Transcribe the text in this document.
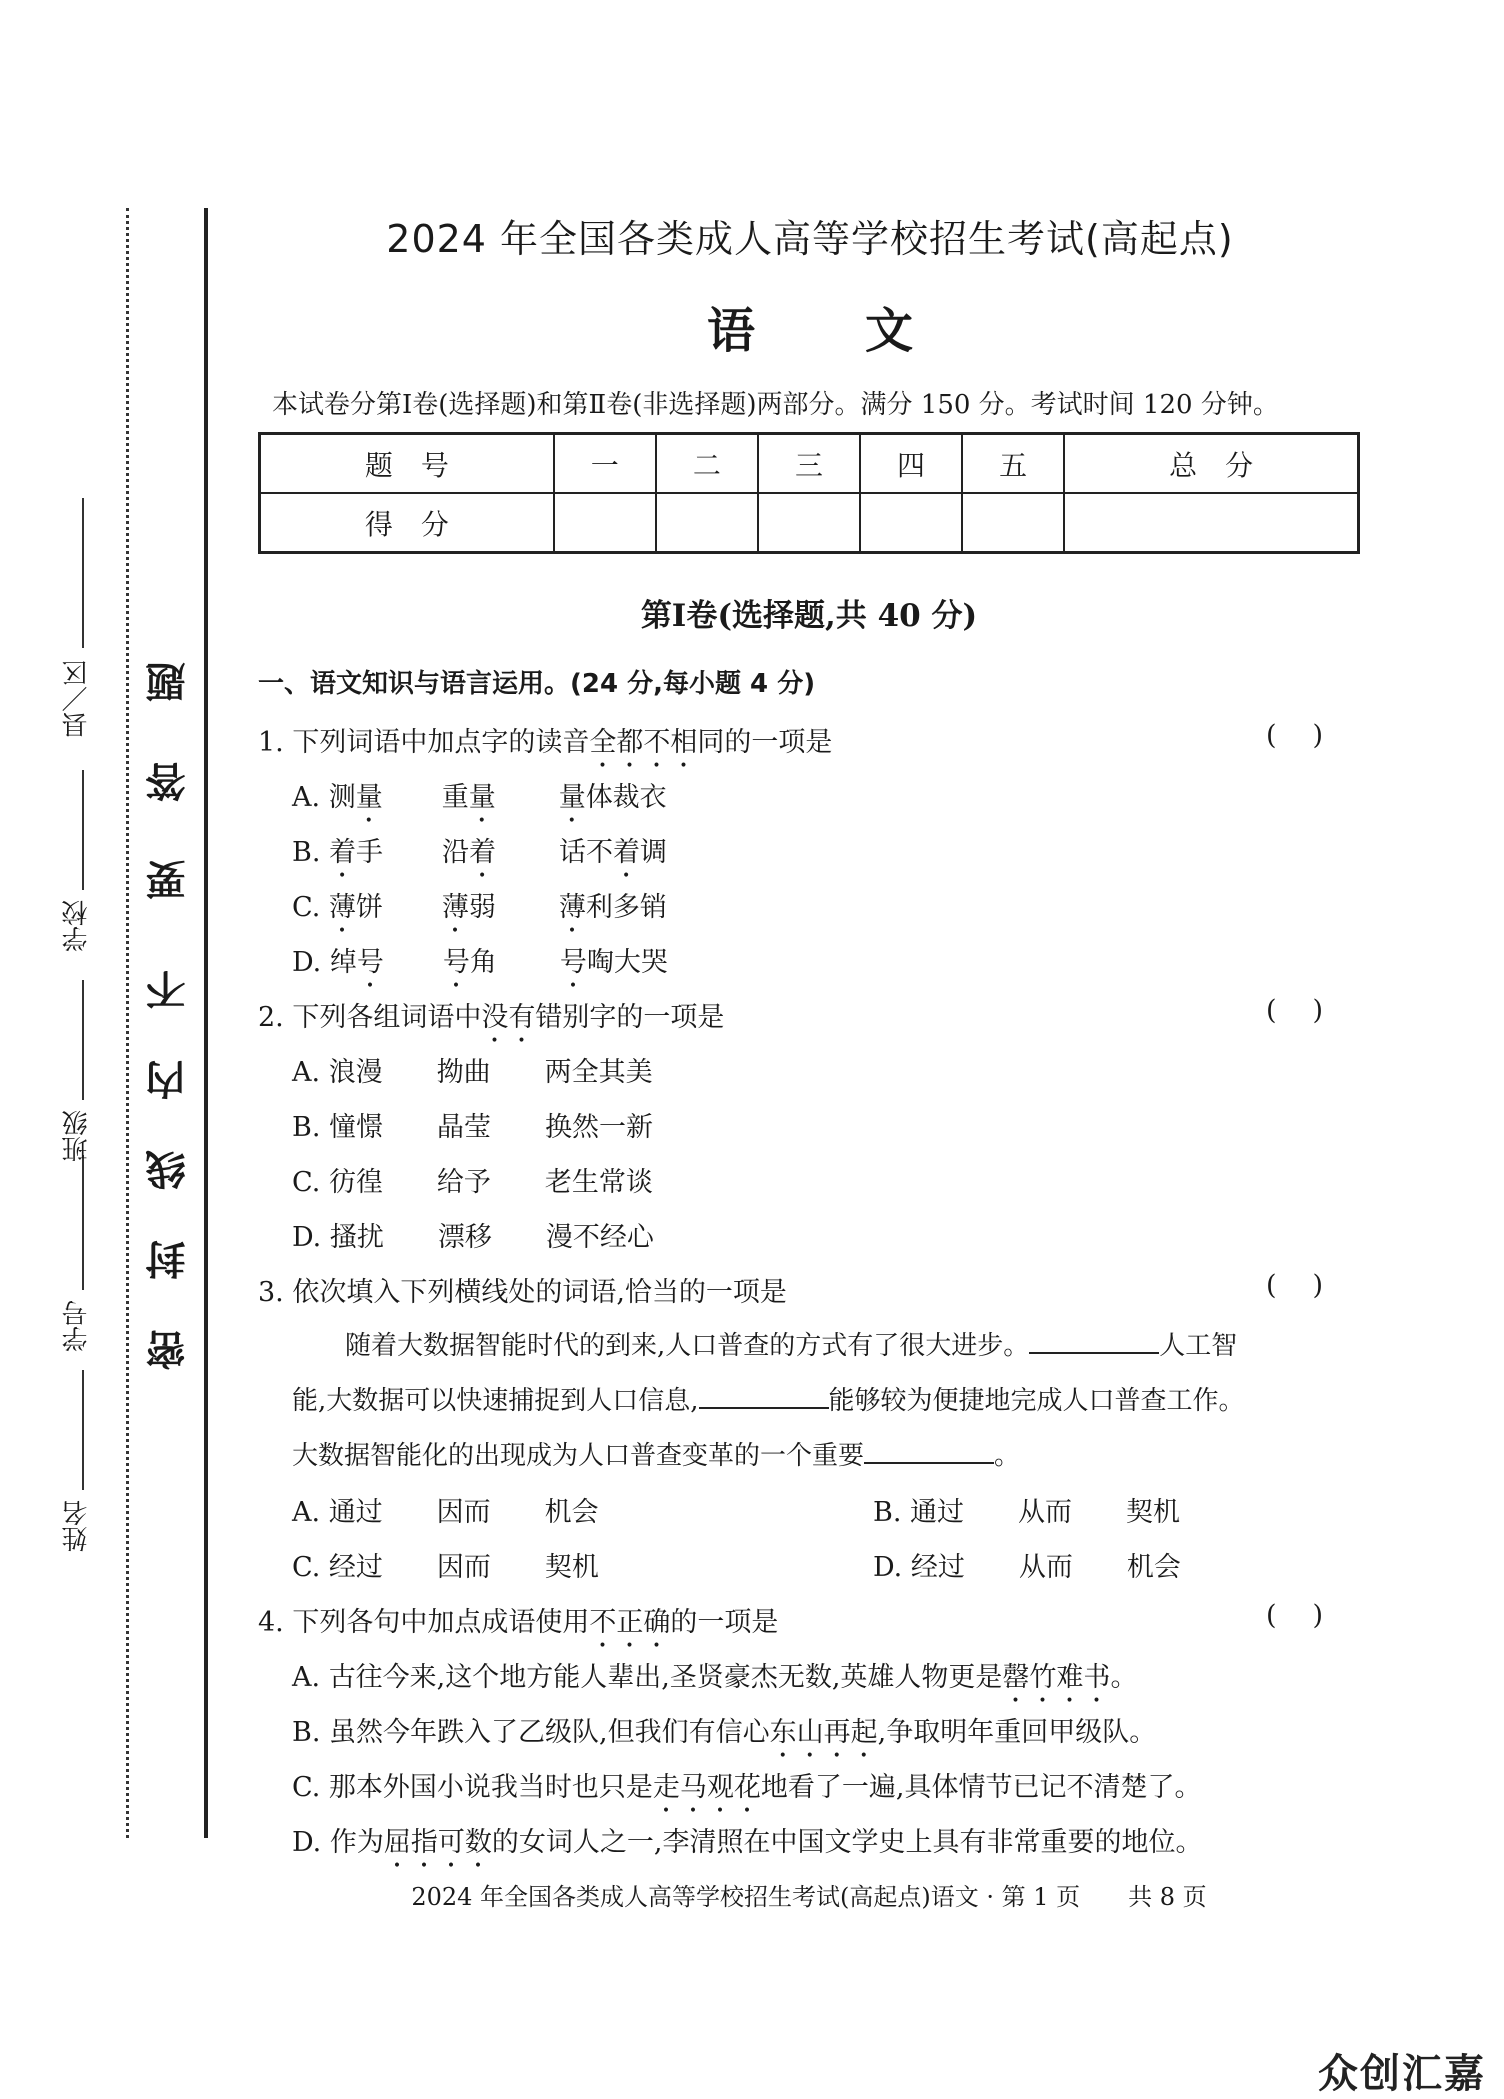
姓名
学号
班级
学校
县／区
密
封
线
内
不
要
答
题
2024 年全国各类成人高等学校招生考试(高起点)
语文
本试卷分第Ⅰ卷(选择题)和第Ⅱ卷(非选择题)两部分。满分 150 分。考试时间 120 分钟。
题　号	一	二	三	四	五	总　分
得　分						
第Ⅰ卷(选择题,共 40 分)
一、语文知识与语言运用。(24 分,每小题 4 分)
1. 下列词语中加点字的读音全都不相同的一项是	()
A. 测量 重量 量体裁衣
B. 着手 沿着 话不着调
C. 薄饼 薄弱 薄利多销
D. 绰号 号角 号啕大哭
2. 下列各组词语中没有错别字的一项是	()
A. 浪漫　　拗曲　　两全其美
B. 憧憬　　晶莹　　换然一新
C. 彷徨　　给予　　老生常谈
D. 搔扰　　漂移　　漫不经心
3. 依次填入下列横线处的词语,恰当的一项是	()
随着大数据智能时代的到来,人口普查的方式有了很大进步。	人工智
能,大数据可以快速捕捉到人口信息,	能够较为便捷地完成人口普查工作。
大数据智能化的出现成为人口普查变革的一个重要	。
A. 通过　　因而　　机会	B. 通过　　从而　　契机
C. 经过　　因而　　契机	D. 经过　　从而　　机会
4. 下列各句中加点成语使用不正确的一项是	()
A. 古往今来,这个地方能人辈出,圣贤豪杰无数,英雄人物更是罄竹难书。
B. 虽然今年跌入了乙级队,但我们有信心东山再起,争取明年重回甲级队。
C. 那本外国小说我当时也只是走马观花地看了一遍,具体情节已记不清楚了。
D. 作为屈指可数的女词人之一,李清照在中国文学史上具有非常重要的地位。
2024 年全国各类成人高等学校招生考试(高起点)语文 · 第 1 页　　共 8 页
众创汇嘉
